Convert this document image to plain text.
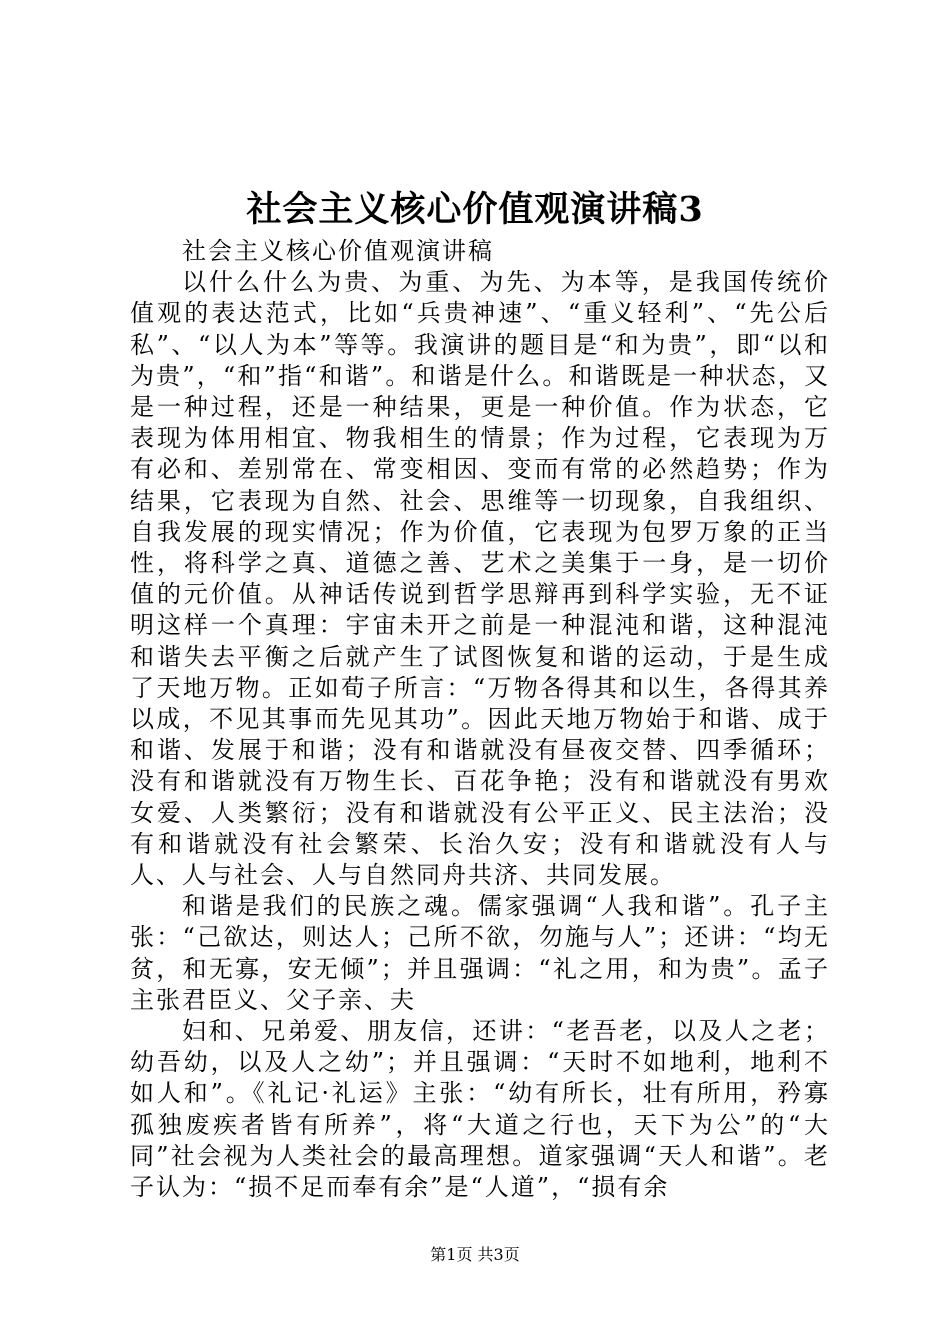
社会主义核心价值观演讲稿3

社会主义核心价值观演讲稿

以什么什么为贵、为重、为先、为本等，是我国传统价值观的表达范式，比如“兵贵神速”、“重义轻利”、“先公后私”、“以人为本”等等。我演讲的题目是“和为贵”，即“以和为贵”，“和”指“和谐”。和谐是什么。和谐既是一种状态，又是一种过程，还是一种结果，更是一种价值。作为状态，它表现为体用相宜、物我相生的情景；作为过程，它表现为万有必和、差别常在、常变相因、变而有常的必然趋势；作为结果，它表现为自然、社会、思维等一切现象，自我组织、自我发展的现实情况；作为价值，它表现为包罗万象的正当性，将科学之真、道德之善、艺术之美集于一身，是一切价值的元价值。从神话传说到哲学思辩再到科学实验，无不证明这样一个真理：宇宙未开之前是一种混沌和谐，这种混沌和谐失去平衡之后就产生了试图恢复和谐的运动，于是生成了天地万物。正如荀子所言：“万物各得其和以生，各得其养以成，不见其事而先见其功”。因此天地万物始于和谐、成于和谐、发展于和谐；没有和谐就没有昼夜交替、四季循环；没有和谐就没有万物生长、百花争艳；没有和谐就没有男欢女爱、人类繁衍；没有和谐就没有公平正义、民主法治；没有和谐就没有社会繁荣、长治久安；没有和谐就没有人与人、人与社会、人与自然同舟共济、共同发展。

和谐是我们的民族之魂。儒家强调“人我和谐”。孔子主张：“己欲达，则达人；己所不欲，勿施与人”；还讲：“均无贫，和无寡，安无倾”；并且强调：“礼之用，和为贵”。孟子主张君臣义、父子亲、夫

妇和、兄弟爱、朋友信，还讲：“老吾老，以及人之老；幼吾幼，以及人之幼”；并且强调：“天时不如地利，地利不如人和”。《礼记·礼运》主张：“幼有所长，壮有所用，矜寡孤独废疾者皆有所养”，将“大道之行也，天下为公”的“大同”社会视为人类社会的最高理想。道家强调“天人和谐”。老子认为：“损不足而奉有余”是“人道”，“损有余

第1页 共3页
